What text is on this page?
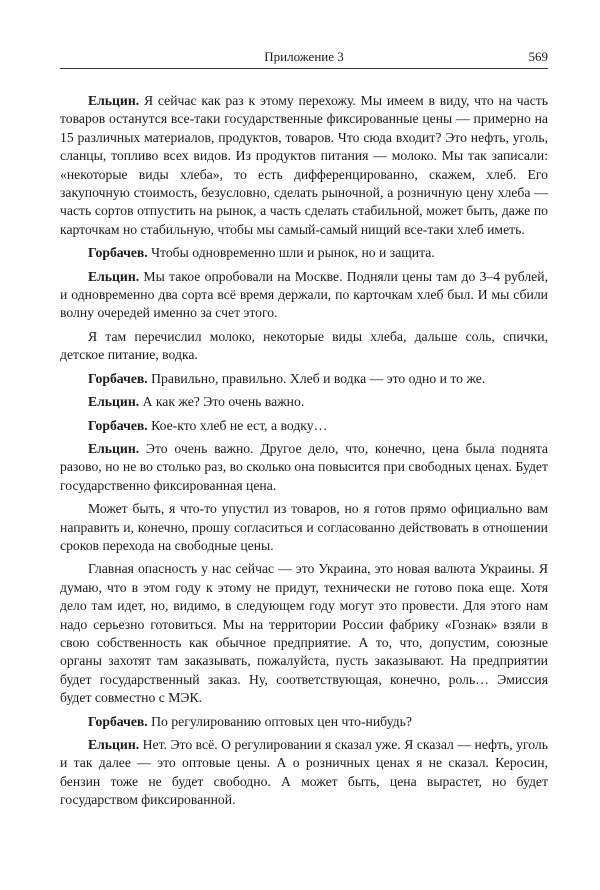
Приложение 3	569

Ельцин. Я сейчас как раз к этому перехожу. Мы имеем в виду, что на часть товаров останутся все-таки государственные фиксированные цены — примерно на 15 различных материалов, продуктов, товаров. Что сюда входит? Это нефть, уголь, сланцы, топливо всех видов. Из продуктов питания — молоко. Мы так записали: «некоторые виды хлеба», то есть дифференцированно, скажем, хлеб. Его закупочную стоимость, безусловно, сделать рыночной, а розничную цену хлеба — часть сортов отпустить на рынок, а часть сделать стабильной, может быть, даже по карточкам но стабильную, чтобы мы самый-самый нищий все-таки хлеб иметь.

Горбачев. Чтобы одновременно шли и рынок, но и защита.

Ельцин. Мы такое опробовали на Москве. Подняли цены там до 3–4 рублей, и одновременно два сорта всё время держали, по карточкам хлеб был. И мы сбили волну очередей именно за счет этого.

Я там перечислил молоко, некоторые виды хлеба, дальше соль, спички, детское питание, водка.

Горбачев. Правильно, правильно. Хлеб и водка — это одно и то же.

Ельцин. А как же? Это очень важно.

Горбачев. Кое-кто хлеб не ест, а водку…

Ельцин. Это очень важно. Другое дело, что, конечно, цена была поднята разово, но не во столько раз, во сколько она повысится при свободных ценах. Будет государственно фиксированная цена.

Может быть, я что-то упустил из товаров, но я готов прямо официально вам направить и, конечно, прошу согласиться и согласованно действовать в отношении сроков перехода на свободные цены.

Главная опасность у нас сейчас — это Украина, это новая валюта Украины. Я думаю, что в этом году к этому не придут, технически не готово пока еще. Хотя дело там идет, но, видимо, в следующем году могут это провести. Для этого нам надо серьезно готовиться. Мы на территории России фабрику «Гознак» взяли в свою собственность как обычное предприятие. А то, что, допустим, союзные органы захотят там заказывать, пожалуйста, пусть заказывают. На предприятии будет государственный заказ. Ну, соответствующая, конечно, роль… Эмиссия будет совместно с МЭК.

Горбачев. По регулированию оптовых цен что-нибудь?

Ельцин. Нет. Это всё. О регулировании я сказал уже. Я сказал — нефть, уголь и так далее — это оптовые цены. А о розничных ценах я не сказал. Керосин, бензин тоже не будет свободно. А может быть, цена вырастет, но будет государством фиксированной.
